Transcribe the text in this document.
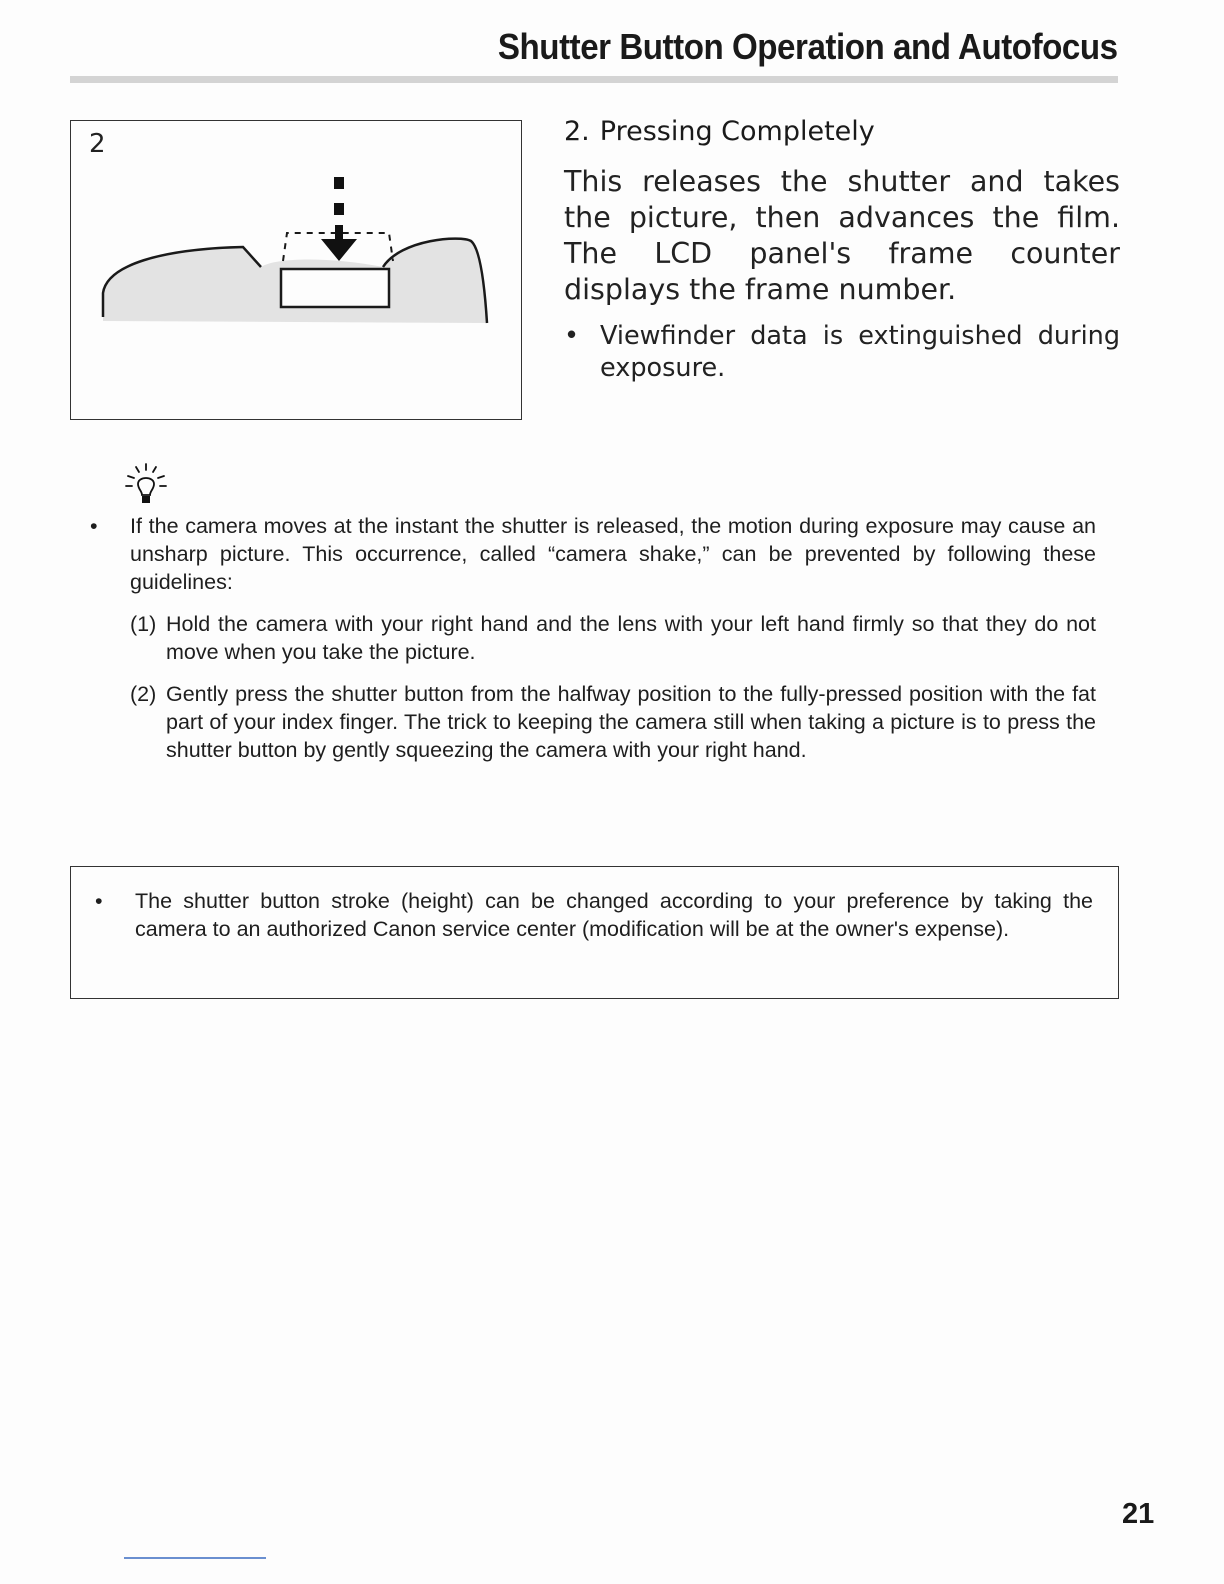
Shutter Button Operation and Autofocus
2	2. Pressing Completely
This releases the shutter and takes the picture, then advances the film. The LCD panel's frame counter displays the frame number.
• Viewfinder data is extinguished during exposure.
•	If the camera moves at the instant the shutter is released, the motion during exposure may cause an unsharp picture. This occurrence, called “camera shake,” can be prevented by following these guidelines:
(1) Hold the camera with your right hand and the lens with your left hand firmly so that they do not move when you take the picture.
(2) Gently press the shutter button from the halfway position to the fully-pressed position with the fat part of your index finger. The trick to keeping the camera still when taking a picture is to press the shutter button by gently squeezing the camera with your right hand.
•	The shutter button stroke (height) can be changed according to your preference by taking the camera to an authorized Canon service center (modification will be at the owner's expense).
21
